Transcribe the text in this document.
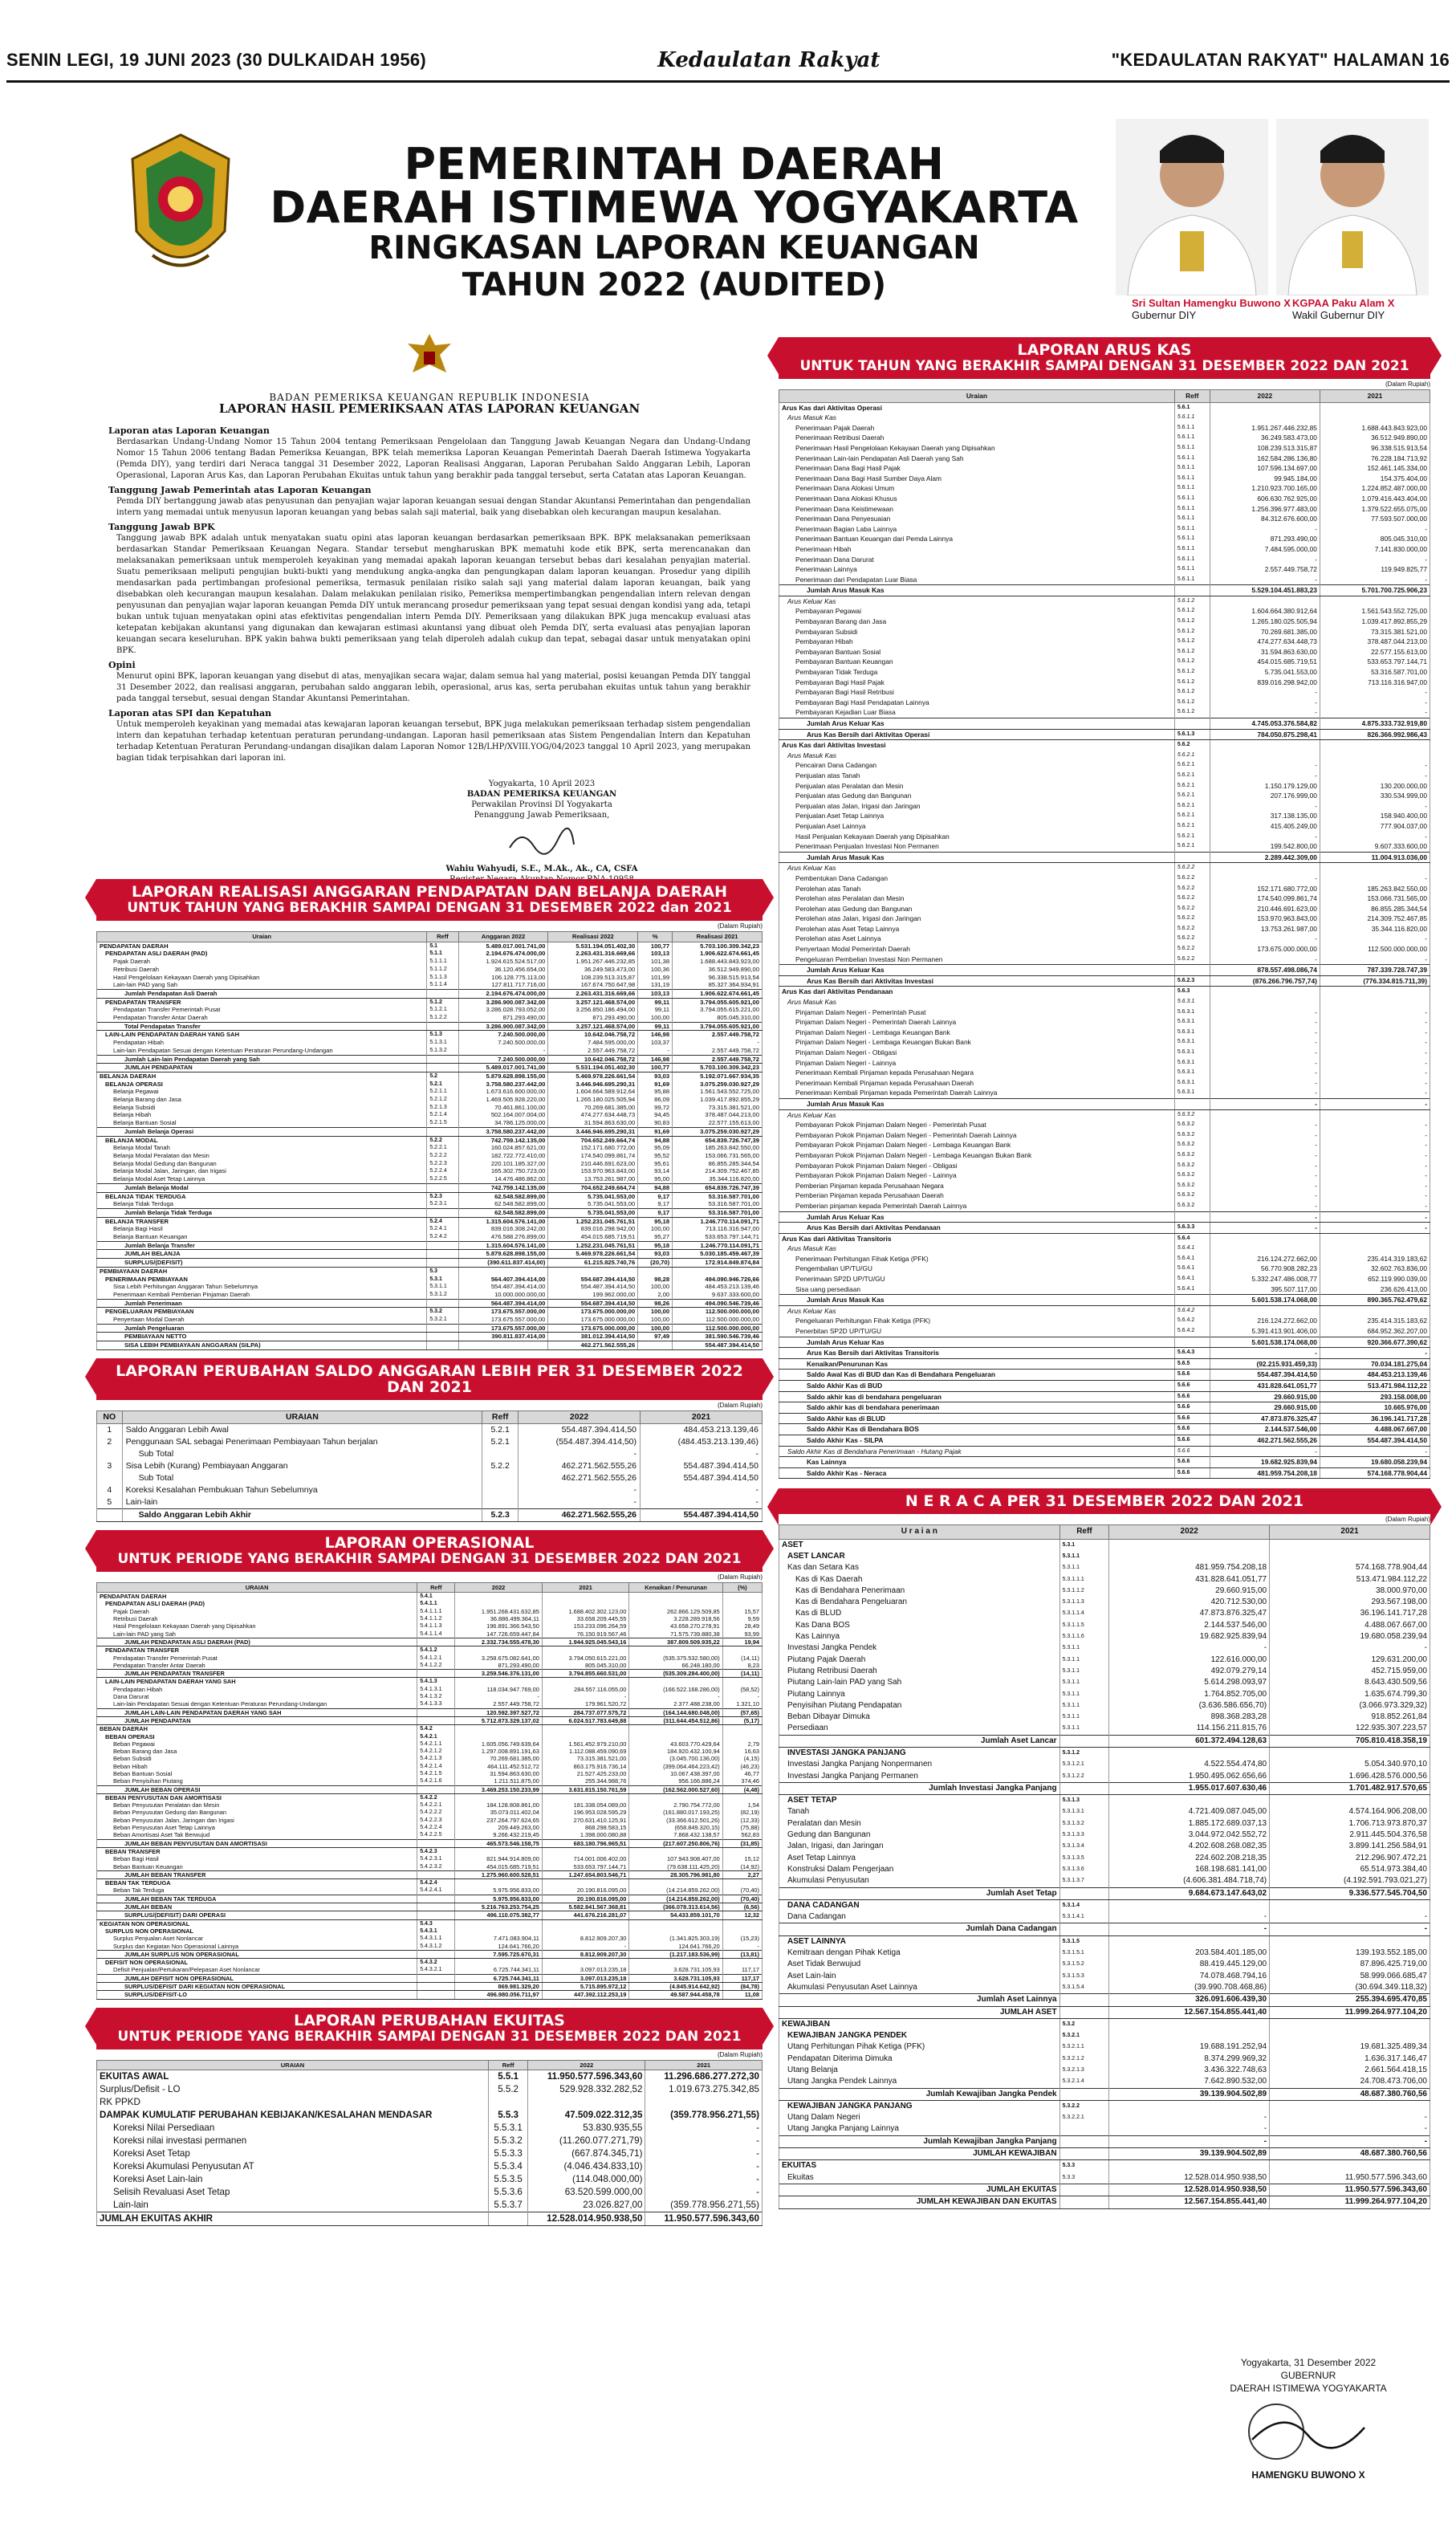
SENIN LEGI, 19 JUNI 2023 (30 DULKAIDAH 1956)	Kedaulatan Rakyat	"KEDAULATAN RAKYAT" HALAMAN 16
PEMERINTAH DAERAH
DAERAH ISTIMEWA YOGYAKARTA
RINGKASAN LAPORAN KEUANGAN
TAHUN 2022 (AUDITED)	Sri Sultan Hamengku Buwono X
Gubernur DIY
KGPAA Paku Alam X
Wakil Gubernur DIY
BADAN PEMERIKSA KEUANGAN REPUBLIK INDONESIA
LAPORAN HASIL PEMERIKSAAN ATAS LAPORAN KEUANGAN
Laporan atas Laporan Keuangan

Berdasarkan Undang-Undang Nomor 15 Tahun 2004 tentang Pemeriksaan Pengelolaan dan Tanggung Jawab Keuangan Negara dan Undang-Undang Nomor 15 Tahun 2006 tentang Badan Pemeriksa Keuangan, BPK telah memeriksa Laporan Keuangan Pemerintah Daerah Daerah Istimewa Yogyakarta (Pemda DIY), yang terdiri dari Neraca tanggal 31 Desember 2022, Laporan Realisasi Anggaran, Laporan Perubahan Saldo Anggaran Lebih, Laporan Operasional, Laporan Arus Kas, dan Laporan Perubahan Ekuitas untuk tahun yang berakhir pada tanggal tersebut, serta Catatan atas Laporan Keuangan.

Tanggung Jawab Pemerintah atas Laporan Keuangan

Pemda DIY bertanggung jawab atas penyusunan dan penyajian wajar laporan keuangan sesuai dengan Standar Akuntansi Pemerintahan dan pengendalian intern yang memadai untuk menyusun laporan keuangan yang bebas salah saji material, baik yang disebabkan oleh kecurangan maupun kesalahan.

Tanggung Jawab BPK

Tanggung jawab BPK adalah untuk menyatakan suatu opini atas laporan keuangan berdasarkan pemeriksaan BPK. BPK melaksanakan pemeriksaan berdasarkan Standar Pemeriksaan Keuangan Negara. Standar tersebut mengharuskan BPK mematuhi kode etik BPK, serta merencanakan dan melaksanakan pemeriksaan untuk memperoleh keyakinan yang memadai apakah laporan keuangan tersebut bebas dari kesalahan penyajian material. Suatu pemeriksaan meliputi pengujian bukti-bukti yang mendukung angka-angka dan pengungkapan dalam laporan keuangan. Prosedur yang dipilih mendasarkan pada pertimbangan profesional pemeriksa, termasuk penilaian risiko salah saji yang material dalam laporan keuangan, baik yang disebabkan oleh kecurangan maupun kesalahan. Dalam melakukan penilaian risiko, Pemeriksa mempertimbangkan pengendalian intern relevan dengan penyusunan dan penyajian wajar laporan keuangan Pemda DIY untuk merancang prosedur pemeriksaan yang tepat sesuai dengan kondisi yang ada, tetapi bukan untuk tujuan menyatakan opini atas efektivitas pengendalian intern Pemda DIY. Pemeriksaan yang dilakukan BPK juga mencakup evaluasi atas ketepatan kebijakan akuntansi yang digunakan dan kewajaran estimasi akuntansi yang dibuat oleh Pemda DIY, serta evaluasi atas penyajian laporan keuangan secara keseluruhan. BPK yakin bahwa bukti pemeriksaan yang telah diperoleh adalah cukup dan tepat, sebagai dasar untuk menyatakan opini BPK.

Opini

Menurut opini BPK, laporan keuangan yang disebut di atas, menyajikan secara wajar, dalam semua hal yang material, posisi keuangan Pemda DIY tanggal 31 Desember 2022, dan realisasi anggaran, perubahan saldo anggaran lebih, operasional, arus kas, serta perubahan ekuitas untuk tahun yang berakhir pada tanggal tersebut, sesuai dengan Standar Akuntansi Pemerintahan.

Laporan atas SPI dan Kepatuhan

Untuk memperoleh keyakinan yang memadai atas kewajaran laporan keuangan tersebut, BPK juga melakukan pemeriksaan terhadap sistem pengendalian intern dan kepatuhan terhadap ketentuan peraturan perundang-undangan. Laporan hasil pemeriksaan atas Sistem Pengendalian Intern dan Kepatuhan terhadap Ketentuan Peraturan Perundang-undangan disajikan dalam Laporan Nomor 12B/LHP/XVIII.YOG/04/2023 tanggal 10 April 2023, yang merupakan bagian tidak terpisahkan dari laporan ini.

Yogyakarta, 10 April 2023
BADAN PEMERIKSA KEUANGAN
Perwakilan Provinsi DI Yogyakarta
Penanggung Jawab Pemeriksaan,
Wahiu Wahyudi, S.E., M.Ak., Ak., CA, CSFA
LAPORAN REALISASI ANGGARAN PENDAPATAN DAN BELANJA DAERAH
UNTUK TAHUN YANG BERAKHIR SAMPAI DENGAN 31 DESEMBER 2022 dan 2021
(Dalam Rupiah)
Uraian	Reff	Anggaran 2022	Realisasi 2022	%	Realisasi 2021
PENDAPATAN DAERAH	5.1	5.489.017.001.741,00	5.531.194.051.402,30	100,77	5.703.100.309.342,23
PENDAPATAN ASLI DAERAH (PAD)	5.1.1	2.194.676.474.000,00	2.263.431.316.669,66	103,13	1.906.622.674.661,45
Pajak Daerah	5.1.1.1	1.924.615.524.517,00	1.951.267.446.232,85	101,38	1.688.443.843.923,00
Retribusi Daerah	5.1.1.2	36.120.456.654,00	36.249.583.473,00	100,36	36.512.949.890,00
Hasil Pengelolaan Kekayaan Daerah yang Dipisahkan	5.1.1.3	106.128.775.113,00	108.239.513.315,87	101,99	96.338.515.913,54
Lain-lain PAD yang Sah	5.1.1.4	127.811.717.716,00	167.674.750.647,98	131,19	85.327.364.934,91
Jumlah Pendapatan Asli Daerah		2.194.676.474.000,00	2.263.431.316.669,66	103,13	1.906.622.674.661,45
PENDAPATAN TRANSFER	5.1.2	3.286.900.087.342,00	3.257.121.468.574,00	99,11	3.794.055.605.921,00
Pendapatan Transfer Pemerintah Pusat	5.1.2.1	3.286.028.793.052,00	3.256.850.186.494,00	99,11	3.794.055.615.221,00
Pendapatan Transfer Antar Daerah	5.1.2.2	871.293.490,00	871.293.490,00	100,00	805.045.310,00
Total Pendapatan Transfer		3.286.900.087.342,00	3.257.121.468.574,00	99,11	3.794.055.605.921,00
LAIN-LAIN PENDAPATAN DAERAH YANG SAH	5.1.3	7.240.500.000,00	10.642.046.758,72	146,98	2.557.449.758,72
Pendapatan Hibah	5.1.3.1	7.240.500.000,00	7.484.595.000,00	103,37	-
Lain-lain Pendapatan Sesuai dengan Ketentuan Peraturan Perundang-Undangan	5.1.3.2	-	2.557.449.758,72	-	2.557.449.758,72
Jumlah Lain-lain Pendapatan Daerah yang Sah		7.240.500.000,00	10.642.046.758,72	146,98	2.557.449.758,72
JUMLAH PENDAPATAN		5.489.017.001.741,00	5.531.194.051.402,30	100,77	5.703.100.309.342,23
BELANJA DAERAH	5.2	5.879.628.898.155,00	5.469.978.226.661,54	93,03	5.192.071.667.934,35
BELANJA OPERASI	5.2.1	3.758.580.237.442,00	3.446.946.695.290,31	91,69	3.075.259.030.927,29
Belanja Pegawai	5.2.1.1	1.673.616.600.000,00	1.604.664.589.912,64	95,88	1.561.543.552.725,00
Belanja Barang dan Jasa	5.2.1.2	1.469.505.928.220,00	1.265.180.025.505,94	86,09	1.039.417.892.855,29
Belanja Subsidi	5.2.1.3	70.461.861.100,00	70.269.681.385,00	99,72	73.315.381.521,00
Belanja Hibah	5.2.1.4	502.164.007.004,00	474.277.634.448,73	94,45	378.487.044.213,00
Belanja Bantuan Sosial	5.2.1.5	34.786.125.000,00	31.594.863.630,00	90,83	22.577.155.613,00
Jumlah Belanja Operasi		3.758.580.237.442,00	3.446.946.695.290,31	91,69	3.075.259.030.927,29
BELANJA MODAL	5.2.2	742.759.142.135,00	704.652.249.664,74	94,88	654.839.726.747,39
Belanja Modal Tanah	5.2.2.1	160.024.857.621,00	152.171.680.772,00	95,09	185.263.842.550,00
Belanja Modal Peralatan dan Mesin	5.2.2.2	182.722.772.410,00	174.540.099.861,74	95,52	153.066.731.565,00
Belanja Modal Gedung dan Bangunan	5.2.2.3	220.101.185.327,00	210.446.691.623,00	95,61	86.855.285.344,54
Belanja Modal Jalan, Jaringan, dan Irigasi	5.2.2.4	165.302.750.723,00	153.970.963.843,00	93,14	214.309.752.467,85
Belanja Modal Aset Tetap Lainnya	5.2.2.5	14.476.486.862,00	13.753.261.987,00	95,00	35.344.116.820,00
Jumlah Belanja Modal		742.759.142.135,00	704.652.249.664,74	94,88	654.839.726.747,39
BELANJA TIDAK TERDUGA	5.2.3	62.548.582.899,00	5.735.041.553,00	9,17	53.316.587.701,00
Belanja Tidak Terduga	5.2.3.1	62.548.582.899,00	5.735.041.553,00	9,17	53.316.587.701,00
Jumlah Belanja Tidak Terduga		62.548.582.899,00	5.735.041.553,00	9,17	53.316.587.701,00
BELANJA TRANSFER	5.2.4	1.315.604.576.141,00	1.252.231.045.761,51	95,18	1.246.770.114.091,71
Belanja Bagi Hasil	5.2.4.1	839.016.308.242,00	839.016.298.942,00	100,00	713.116.316.947,00
Belanja Bantuan Keuangan	5.2.4.2	476.588.276.899,00	454.015.685.719,51	95,27	533.653.797.144,71
Jumlah Belanja Transfer		1.315.604.576.141,00	1.252.231.045.761,51	95,18	1.246.770.114.091,71
JUMLAH BELANJA		5.879.628.898.155,00	5.469.978.226.661,54	93,03	5.030.185.459.467,39
SURPLUS/(DEFISIT)		(390.611.837.414,00)	61.215.825.740,76	(20,70)	172.914.849.874,84
PEMBIAYAAN DAERAH	5.3				
PENERIMAAN PEMBIAYAAN	5.3.1	564.407.394.414,00	554.687.394.414,50	98,28	494.090.946.726,66
Sisa Lebih Perhitungan Anggaran Tahun Sebelumnya	5.3.1.1	554.487.394.414,00	554.487.394.414,50	100,00	484.453.213.139,46
Penerimaan Kembali Pemberian Pinjaman Daerah	5.3.1.2	10.000.000.000,00	199.962.000,00	2,00	9.637.333.600,00
Jumlah Penerimaan		564.487.394.414,00	554.687.394.414,50	98,26	494.090.546.739,46
PENGELUARAN PEMBIAYAAN	5.3.2	173.675.557.000,00	173.675.000.000,00	100,00	112.500.000.000,00
Penyertaan Modal Daerah	5.3.2.1	173.675.557.000,00	173.675.000.000,00	100,00	112.500.000.000,00
Jumlah Pengeluaran		173.675.557.000,00	173.675.000.000,00	100,00	112.500.000.000,00
PEMBIAYAAN NETTO		390.811.837.414,00	381.012.394.414,50	97,49	381.590.546.739,46
SISA LEBIH PEMBIAYAAN ANGGARAN (SILPA)			462.271.562.555,26		554.487.394.414,50
LAPORAN PERUBAHAN SALDO ANGGARAN LEBIH PER 31 DESEMBER 2022 DAN 2021
(Dalam Rupiah)
NO	URAIAN	Reff	2022	2021
1	Saldo Anggaran Lebih Awal	5.2.1	554.487.394.414,50	484.453.213.139,46
2	Penggunaan SAL sebagai Penerimaan Pembiayaan Tahun berjalan	5.2.1	(554.487.394.414,50)	(484.453.213.139,46)
	Sub Total		-	-
3	Sisa Lebih (Kurang) Pembiayaan Anggaran	5.2.2	462.271.562.555,26	554.487.394.414,50
	Sub Total		462.271.562.555,26	554.487.394.414,50
4	Koreksi Kesalahan Pembukuan Tahun Sebelumnya		-	-
5	Lain-lain		-	-
	Saldo Anggaran Lebih Akhir	5.2.3	462.271.562.555,26	554.487.394.414,50
LAPORAN OPERASIONAL
UNTUK PERIODE YANG BERAKHIR SAMPAI DENGAN 31 DESEMBER 2022 DAN 2021
(Dalam Rupiah)
URAIAN	Reff	2022	2021	Kenaikan / Penurunan	(%)
PENDAPATAN DAERAH	5.4.1				
PENDAPATAN ASLI DAERAH (PAD)	5.4.1.1				
Pajak Daerah	5.4.1.1.1	1.951.268.431.632,85	1.688.402.302.123,00	262.866.129.509,85	15,57
Retribusi Daerah	5.4.1.1.2	36.886.499.364,11	33.658.209.445,55	3.228.289.918,56	9,59
Hasil Pengelolaan Kekayaan Daerah yang Dipisahkan	5.4.1.1.3	196.891.366.543,50	153.233.096.264,59	43.658.270.278,91	28,49
Lain-lain PAD yang Sah	5.4.1.1.4	147.726.659.447,84	76.150.919.567,46	71.575.739.880,38	93,99
JUMLAH PENDAPATAN ASLI DAERAH (PAD)		2.332.734.555.478,30	1.944.925.045.543,16	387.809.509.935,22	19,94
PENDAPATAN TRANSFER	5.4.1.2				
Pendapatan Transfer Pemerintah Pusat	5.4.1.2.1	3.258.675.082.641,00	3.794.050.615.221,00	(535.375.532.580,00)	(14,11)
Pendapatan Transfer Antar Daerah	5.4.1.2.2	871.293.490,00	805.045.310,00	66.248.180,00	8,23
JUMLAH PENDAPATAN TRANSFER		3.259.546.376.131,00	3.794.855.660.531,00	(535.309.284.400,00)	(14,11)
LAIN-LAIN PENDAPATAN DAERAH YANG SAH	5.4.1.3				
Pendapatan Hibah	5.4.1.3.1	118.034.947.769,00	284.557.116.055,00	(166.522.168.286,00)	(58,52)
Dana Darurat	5.4.1.3.2	-	-	-	-
Lain-lain Pendapatan Sesuai dengan Ketentuan Peraturan Perundang-Undangan	5.4.1.3.3	2.557.449.758,72	179.961.520,72	2.377.488.238,00	1.321,10
JUMLAH LAIN-LAIN PENDAPATAN DAERAH YANG SAH		120.592.397.527,72	284.737.077.575,72	(164.144.680.048,00)	(57,65)
JUMLAH PENDAPATAN		5.712.873.329.137,02	6.024.517.783.649,88	(311.644.454.512,86)	(5,17)
BEBAN DAERAH	5.4.2				
BEBAN OPERASI	5.4.2.1				
Beban Pegawai	5.4.2.1.1	1.605.056.749.639,64	1.561.452.979.210,00	43.603.770.429,64	2,79
Beban Barang dan Jasa	5.4.2.1.2	1.297.008.891.191,63	1.112.088.459.090,69	184.920.432.100,94	16,63
Beban Subsidi	5.4.2.1.3	70.269.681.385,00	73.315.381.521,00	(3.045.700.136,00)	(4,15)
Beban Hibah	5.4.2.1.4	464.111.452.512,72	863.175.916.736,14	(399.064.464.223,42)	(46,23)
Beban Bantuan Sosial	5.4.2.1.5	31.594.863.630,00	21.527.425.233,00	10.067.438.397,00	46,77
Beban Penyisihan Piutang	5.4.2.1.6	1.211.511.875,00	255.344.988,76	956.166.886,24	374,46
JUMLAH BEBAN OPERASI		3.469.253.150.233,99	3.631.815.150.761,59	(162.562.000.527,60)	(4,48)
BEBAN PENYUSUTAN DAN AMORTISASI	5.4.2.2				
Beban Penyusutan Peralatan dan Mesin	5.4.2.2.1	184.128.808.861,00	181.338.054.089,00	2.790.754.772,00	1,54
Beban Penyusutan Gedung dan Bangunan	5.4.2.2.2	35.073.011.402,04	196.953.028.595,29	(161.880.017.193,25)	(82,19)
Beban Penyusutan Jalan, Jaringan dan Irigasi	5.4.2.2.3	237.264.797.624,65	270.631.410.125,91	(33.366.612.501,26)	(12,33)
Beban Penyusutan Aset Tetap Lainnya	5.4.2.2.4	209.449.263,00	868.298.583,15	(658.849.320,15)	(75,88)
Beban Amortisasi Aset Tak Berwujud	5.4.2.2.5	9.266.432.219,45	1.398.000.080,88	7.868.432.138,57	562,83
JUMLAH BEBAN PENYUSUTAN DAN AMORTISASI		465.573.546.158,75	683.180.796.965,51	(217.607.250.806,76)	(31,85)
BEBAN TRANSFER	5.4.2.3				
Beban Bagi Hasil	5.4.2.3.1	821.944.914.809,00	714.001.006.402,00	107.943.908.407,00	15,12
Beban Bantuan Keuangan	5.4.2.3.2	454.015.685.719,51	533.653.797.144,71	(79.638.111.425,20)	(14,92)
JUMLAH BEBAN TRANSFER		1.275.960.600.528,51	1.247.654.803.546,71	28.305.796.981,80	2,27
BEBAN TAK TERDUGA	5.4.2.4				
Beban Tak Terduga	5.4.2.4.1	5.975.956.833,00	20.190.816.095,00	(14.214.859.262,00)	(70,40)
JUMLAH BEBAN TAK TERDUGA		5.975.956.833,00	20.190.816.095,00	(14.214.859.262,00)	(70,40)
JUMLAH BEBAN		5.216.763.253.754,25	5.582.841.567.368,81	(366.078.313.614,56)	(6,56)
SURPLUS/(DEFISIT) DARI OPERASI		496.110.075.382,77	441.676.216.281,07	54.433.859.101,70	12,32
KEGIATAN NON OPERASIONAL	5.4.3				
SURPLUS NON OPERASIONAL	5.4.3.1				
Surplus Penjualan Aset Nonlancar	5.4.3.1.1	7.471.083.904,11	8.812.909.207,30	(1.341.825.303,19)	(15,23)
Surplus dari Kegiatan Non Operasional Lainnya	5.4.3.1.2	124.641.766,20	-	124.641.766,20	-
JUMLAH SURPLUS NON OPERASIONAL		7.595.725.670,31	8.812.909.207,30	(1.217.183.536,99)	(13,81)
DEFISIT NON OPERASIONAL	5.4.3.2				
Defisit Penjualan/Pertukaran/Pelepasan Aset Nonlancar	5.4.3.2.1	6.725.744.341,11	3.097.013.235,18	3.628.731.105,93	117,17
JUMLAH DEFISIT NON OPERASIONAL		6.725.744.341,11	3.097.013.235,18	3.628.731.105,93	117,17
SURPLUS/DEFISIT DARI KEGIATAN NON OPERASIONAL		869.981.329,20	5.715.895.972,12	(4.845.914.642,92)	(84,78)
SURPLUS/DEFISIT-LO		496.980.056.711,97	447.392.112.253,19	49.587.944.458,78	11,08
LAPORAN PERUBAHAN EKUITAS
UNTUK PERIODE YANG BERAKHIR SAMPAI DENGAN 31 DESEMBER 2022 DAN 2021
(Dalam Rupiah)
URAIAN	Reff	2022	2021
EKUITAS AWAL	5.5.1	11.950.577.596.343,60	11.296.686.277.272,30
Surplus/Defisit - LO	5.5.2	529.928.332.282,52	1.019.673.275.342,85
RK PPKD			
DAMPAK KUMULATIF PERUBAHAN KEBIJAKAN/KESALAHAN MENDASAR	5.5.3	47.509.022.312,35	(359.778.956.271,55)
Koreksi Nilai Persediaan	5.5.3.1	53.830.935,55	-
Koreksi nilai investasi permanen	5.5.3.2	(11.260.077.271,79)	-
Koreksi Aset Tetap	5.5.3.3	(667.874.345,71)	-
Koreksi Akumulasi Penyusutan AT	5.5.3.4	(4.046.434.833,10)	-
Koreksi Aset Lain-lain	5.5.3.5	(114.048.000,00)	-
Selisih Revaluasi Aset Tetap	5.5.3.6	63.520.599.000,00	-
Lain-lain	5.5.3.7	23.026.827,00	(359.778.956.271,55)
JUMLAH EKUITAS AKHIR		12.528.014.950.938,50	11.950.577.596.343,60
LAPORAN ARUS KAS
UNTUK TAHUN YANG BERAKHIR SAMPAI DENGAN 31 DESEMBER 2022 DAN 2021
(Dalam Rupiah)
Uraian	Reff	2022	2021
Arus Kas dari Aktivitas Operasi	5.6.1		
Arus Masuk Kas	5.6.1.1		
Penerimaan Pajak Daerah	5.6.1.1	1.951.267.446.232,85	1.688.443.843.923,00
Penerimaan Retribusi Daerah	5.6.1.1	36.249.583.473,00	36.512.949.890,00
Penerimaan Hasil Pengelolaan Kekayaan Daerah yang Dipisahkan	5.6.1.1	108.239.513.315,87	96.338.515.913,54
Penerimaan Lain-lain Pendapatan Asli Daerah yang Sah	5.6.1.1	162.584.286.136,80	76.228.184.713,92
Penerimaan Dana Bagi Hasil Pajak	5.6.1.1	107.596.134.697,00	152.461.145.334,00
Penerimaan Dana Bagi Hasil Sumber Daya Alam	5.6.1.1	99.945.184,00	154.375.404,00
Penerimaan Dana Alokasi Umum	5.6.1.1	1.210.923.700.165,00	1.224.852.487.000,00
Penerimaan Dana Alokasi Khusus	5.6.1.1	606.630.762.925,00	1.079.416.443.404,00
Penerimaan Dana Keistimewaan	5.6.1.1	1.256.396.977.483,00	1.379.522.655.075,00
Penerimaan Dana Penyesuaian	5.6.1.1	84.312.676.600,00	77.593.507.000,00
Penerimaan Bagian Laba Lainnya	5.6.1.1	-	-
Penerimaan Bantuan Keuangan dari Pemda Lainnya	5.6.1.1	871.293.490,00	805.045.310,00
Penerimaan Hibah	5.6.1.1	7.484.595.000,00	7.141.830.000,00
Penerimaan Dana Darurat	5.6.1.1	-	-
Penerimaan Lainnya	5.6.1.1	2.557.449.758,72	119.949.825,77
Penerimaan dari Pendapatan Luar Biasa	5.6.1.1	-	-
Jumlah Arus Masuk Kas		5.529.104.451.883,23	5.701.700.725.906,23
Arus Keluar Kas	5.6.1.2		
Pembayaran Pegawai	5.6.1.2	1.604.664.380.912,64	1.561.543.552.725,00
Pembayaran Barang dan Jasa	5.6.1.2	1.265.180.025.505,94	1.039.417.892.855,29
Pembayaran Subsidi	5.6.1.2	70.269.681.385,00	73.315.381.521,00
Pembayaran Hibah	5.6.1.2	474.277.634.448,73	378.487.044.213,00
Pembayaran Bantuan Sosial	5.6.1.2	31.594.863.630,00	22.577.155.613,00
Pembayaran Bantuan Keuangan	5.6.1.2	454.015.685.719,51	533.653.797.144,71
Pembayaran Tidak Terduga	5.6.1.2	5.735.041.553,00	53.316.587.701,00
Pembayaran Bagi Hasil Pajak	5.6.1.2	839.016.298.942,00	713.116.316.947,00
Pembayaran Bagi Hasil Retribusi	5.6.1.2	-	-
Pembayaran Bagi Hasil Pendapatan Lainnya	5.6.1.2	-	-
Pembayaran Kejadian Luar Biasa	5.6.1.2	-	-
Jumlah Arus Keluar Kas		4.745.053.376.584,82	4.875.333.732.919,80
Arus Kas Bersih dari Aktivitas Operasi	5.6.1.3	784.050.875.298,41	826.366.992.986,43
Arus Kas dari Aktivitas Investasi	5.6.2		
Arus Masuk Kas	5.6.2.1		
Pencairan Dana Cadangan	5.6.2.1	-	-
Penjualan atas Tanah	5.6.2.1	-	-
Penjualan atas Peralatan dan Mesin	5.6.2.1	1.150.179.129,00	130.200.000,00
Penjualan atas Gedung dan Bangunan	5.6.2.1	207.176.999,00	330.534.999,00
Penjualan atas Jalan, Irigasi dan Jaringan	5.6.2.1	-	-
Penjualan Aset Tetap Lainnya	5.6.2.1	317.138.135,00	158.940.400,00
Penjualan Aset Lainnya	5.6.2.1	415.405.249,00	777.904.037,00
Hasil Penjualan Kekayaan Daerah yang Dipisahkan	5.6.2.1	-	-
Penerimaan Penjualan Investasi Non Permanen	5.6.2.1	199.542.800,00	9.607.333.600,00
Jumlah Arus Masuk Kas		2.289.442.309,00	11.004.913.036,00
Arus Keluar Kas	5.6.2.2		
Pembentukan Dana Cadangan	5.6.2.2	-	-
Perolehan atas Tanah	5.6.2.2	152.171.680.772,00	185.263.842.550,00
Perolehan atas Peralatan dan Mesin	5.6.2.2	174.540.099.861,74	153.066.731.565,00
Perolehan atas Gedung dan Bangunan	5.6.2.2	210.446.691.623,00	86.855.285.344,54
Perolehan atas Jalan, Irigasi dan Jaringan	5.6.2.2	153.970.963.843,00	214.309.752.467,85
Perolehan atas Aset Tetap Lainnya	5.6.2.2	13.753.261.987,00	35.344.116.820,00
Perolehan atas Aset Lainnya	5.6.2.2	-	-
Penyertaan Modal Pemerintah Daerah	5.6.2.2	173.675.000.000,00	112.500.000.000,00
Pengeluaran Pembelian Investasi Non Permanen	5.6.2.2	-	-
Jumlah Arus Keluar Kas		878.557.498.086,74	787.339.728.747,39
Arus Kas Bersih dari Aktivitas Investasi	5.6.2.3	(876.266.796.757,74)	(776.334.815.711,39)
Arus Kas dari Aktivitas Pendanaan	5.6.3		
Arus Masuk Kas	5.6.3.1		
Pinjaman Dalam Negeri - Pemerintah Pusat	5.6.3.1	-	-
Pinjaman Dalam Negeri - Pemerintah Daerah Lainnya	5.6.3.1	-	-
Pinjaman Dalam Negeri - Lembaga Keuangan Bank	5.6.3.1	-	-
Pinjaman Dalam Negeri - Lembaga Keuangan Bukan Bank	5.6.3.1	-	-
Pinjaman Dalam Negeri - Obligasi	5.6.3.1	-	-
Pinjaman Dalam Negeri - Lainnya	5.6.3.1	-	-
Penerimaan Kembali Pinjaman kepada Perusahaan Negara	5.6.3.1	-	-
Penerimaan Kembali Pinjaman kepada Perusahaan Daerah	5.6.3.1	-	-
Penerimaan Kembali Pinjaman kepada Pemerintah Daerah Lainnya	5.6.3.1	-	-
Jumlah Arus Masuk Kas		-	-
Arus Keluar Kas	5.6.3.2		
Pembayaran Pokok Pinjaman Dalam Negeri - Pemerintah Pusat	5.6.3.2	-	-
Pembayaran Pokok Pinjaman Dalam Negeri - Pemerintah Daerah Lainnya	5.6.3.2	-	-
Pembayaran Pokok Pinjaman Dalam Negeri - Lembaga Keuangan Bank	5.6.3.2	-	-
Pembayaran Pokok Pinjaman Dalam Negeri - Lembaga Keuangan Bukan Bank	5.6.3.2	-	-
Pembayaran Pokok Pinjaman Dalam Negeri - Obligasi	5.6.3.2	-	-
Pembayaran Pokok Pinjaman Dalam Negeri - Lainnya	5.6.3.2	-	-
Pemberian Pinjaman kepada Perusahaan Negara	5.6.3.2	-	-
Pemberian Pinjaman kepada Perusahaan Daerah	5.6.3.2	-	-
Pemberian pinjaman kepada Pemerintah Daerah Lainnya	5.6.3.2	-	-
Jumlah Arus Keluar Kas		-	-
Arus Kas Bersih dari Aktivitas Pendanaan	5.6.3.3	-	-
Arus Kas dari Aktivitas Transitoris	5.6.4		
Arus Masuk Kas	5.6.4.1		
Penerimaan Perhitungan Fihak Ketiga (PFK)	5.6.4.1	216.124.272.662,00	235.414.319.183,62
Pengembalian UP/TU/GU	5.6.4.1	56.770.908.282,23	32.602.763.836,00
Penerimaan SP2D UP/TU/GU	5.6.4.1	5.332.247.486.008,77	652.119.990.039,00
Sisa uang persediaan	5.6.4.1	395.507.117,00	236.626.413,00
Jumlah Arus Masuk Kas		5.601.538.174.068,00	890.365.762.479,62
Arus Keluar Kas	5.6.4.2		
Pengeluaran Perhitungan Fihak Ketiga (PFK)	5.6.4.2	216.124.272.662,00	235.414.315.183,62
Penerbitan SP2D UP/TU/GU	5.6.4.2	5.391.413.901.406,00	684.952.362.207,00
Jumlah Arus Keluar Kas		5.601.538.174.068,00	920.366.677.390,62
Arus Kas Bersih dari Aktivitas Transitoris	5.6.4.3	-	-
Kenaikan/Penurunan Kas	5.6.5	(92.215.931.459,33)	70.034.181.275,04
Saldo Awal Kas di BUD dan Kas di Bendahara Pengeluaran	5.6.6	554.487.394.414,50	484.453.213.139,46
Saldo Akhir Kas di BUD	5.6.6	431.828.641.051,77	513.471.984.112,22
Saldo akhir kas di bendahara pengeluaran	5.6.6	29.660.915,00	293.158.008,00
Saldo akhir kas di bendahara penerimaan	5.6.6	29.660.915,00	10.665.976,00
Saldo Akhir kas di BLUD	5.6.6	47.873.876.325,47	36.196.141.717,28
Saldo Akhir Kas di Bendahara BOS	5.6.6	2.144.537.546,00	4.488.067.667,00
Saldo Akhir Kas - SILPA	5.6.6	462.271.562.555,26	554.487.394.414,50
Saldo Akhir Kas di Bendahara Penerimaan - Hutang Pajak	5.6.6	-	-
Kas Lainnya	5.6.6	19.682.925.839,94	19.680.058.239,94
Saldo Akhir Kas - Neraca	5.6.6	481.959.754.208,18	574.168.778.904,44
N E R A C A PER 31 DESEMBER 2022 DAN 2021
(Dalam Rupiah)
U r a i a n	Reff	2022	2021
ASET	5.3.1		
ASET LANCAR	5.3.1.1		
Kas dan Setara Kas	5.3.1.1	481.959.754.208,18	574.168.778.904,44
Kas di Kas Daerah	5.3.1.1.1	431.828.641.051,77	513.471.984.112,22
Kas di Bendahara Penerimaan	5.3.1.1.2	29.660.915,00	38.000.970,00
Kas di Bendahara Pengeluaran	5.3.1.1.3	420.712.530,00	293.567.198,00
Kas di BLUD	5.3.1.1.4	47.873.876.325,47	36.196.141.717,28
Kas Dana BOS	5.3.1.1.5	2.144.537.546,00	4.488.067.667,00
Kas Lainnya	5.3.1.1.6	19.682.925.839,94	19.680.058.239,94
Investasi Jangka Pendek	5.3.1.1	-	-
Piutang Pajak Daerah	5.3.1.1	122.616.000,00	129.631.200,00
Piutang Retribusi Daerah	5.3.1.1	492.079.279,14	452.715.959,00
Piutang Lain-lain PAD yang Sah	5.3.1.1	5.614.298.093,97	8.643.430.509,56
Piutang Lainnya	5.3.1.1	1.764.852.705,00	1.635.674.799,30
Penyisihan Piutang Pendapatan	5.3.1.1	(3.636.586.656,70)	(3.066.973.329,32)
Beban Dibayar Dimuka	5.3.1.1	898.368.283,28	918.852.261,84
Persediaan	5.3.1.1	114.156.211.815,76	122.935.307.223,57
Jumlah Aset Lancar		601.372.494.128,63	705.810.418.358,19
INVESTASI JANGKA PANJANG	5.3.1.2		
Investasi Jangka Panjang Nonpermanen	5.3.1.2.1	4.522.554.474,80	5.054.340.970,10
Investasi Jangka Panjang Permanen	5.3.1.2.2	1.950.495.062.656,66	1.696.428.576.000,56
Jumlah Investasi Jangka Panjang		1.955.017.607.630,46	1.701.482.917.570,65
ASET TETAP	5.3.1.3		
Tanah	5.3.1.3.1	4.721.409.087.045,00	4.574.164.906.208,00
Peralatan dan Mesin	5.3.1.3.2	1.885.172.689.037,13	1.706.713.973.870,37
Gedung dan Bangunan	5.3.1.3.3	3.044.972.042.552,72	2.911.445.504.376,58
Jalan, Irigasi, dan Jaringan	5.3.1.3.4	4.202.608.268.082,35	3.899.141.256.584,91
Aset Tetap Lainnya	5.3.1.3.5	224.602.208.218,35	212.296.907.472,21
Konstruksi Dalam Pengerjaan	5.3.1.3.6	168.198.681.141,00	65.514.973.384,40
Akumulasi Penyusutan	5.3.1.3.7	(4.606.381.484.718,74)	(4.192.591.793.021,27)
Jumlah Aset Tetap		9.684.673.147.643,02	9.336.577.545.704,50
DANA CADANGAN	5.3.1.4		
Dana Cadangan	5.3.1.4.1	-	-
Jumlah Dana Cadangan		-	-
ASET LAINNYA	5.3.1.5		
Kemitraan dengan Pihak Ketiga	5.3.1.5.1	203.584.401.185,00	139.193.552.185,00
Aset Tidak Berwujud	5.3.1.5.2	88.419.445.129,00	87.896.425.719,00
Aset Lain-lain	5.3.1.5.3	74.078.468.794,16	58.999.066.685,47
Akumulasi Penyusutan Aset Lainnya	5.3.1.5.4	(39.990.708.468,86)	(30.694.349.118,32)
Jumlah Aset Lainnya		326.091.606.439,30	255.394.695.470,85
JUMLAH ASET		12.567.154.855.441,40	11.999.264.977.104,20
KEWAJIBAN	5.3.2		
KEWAJIBAN JANGKA PENDEK	5.3.2.1		
Utang Perhitungan Pihak Ketiga (PFK)	5.3.2.1.1	19.688.191.252,94	19.681.325.489,34
Pendapatan Diterima Dimuka	5.3.2.1.2	8.374.299.969,32	1.636.317.146,47
Utang Belanja	5.3.2.1.3	3.436.322.748,63	2.661.564.418,15
Utang Jangka Pendek Lainnya	5.3.2.1.4	7.642.890.532,00	24.708.473.706,00
Jumlah Kewajiban Jangka Pendek		39.139.904.502,89	48.687.380.760,56
KEWAJIBAN JANGKA PANJANG	5.3.2.2		
Utang Dalam Negeri	5.3.2.2.1	-	-
Utang Jangka Panjang Lainnya		-	-
Jumlah Kewajiban Jangka Panjang		-	-
JUMLAH KEWAJIBAN		39.139.904.502,89	48.687.380.760,56
EKUITAS	5.3.3		
Ekuitas	5.3.3	12.528.014.950.938,50	11.950.577.596.343,60
JUMLAH EKUITAS		12.528.014.950.938,50	11.950.577.596.343,60
JUMLAH KEWAJIBAN DAN EKUITAS		12.567.154.855.441,40	11.999.264.977.104,20
Yogyakarta, 31 Desember 2022
GUBERNUR
DAERAH ISTIMEWA YOGYAKARTA
HAMENGKU BUWONO X
